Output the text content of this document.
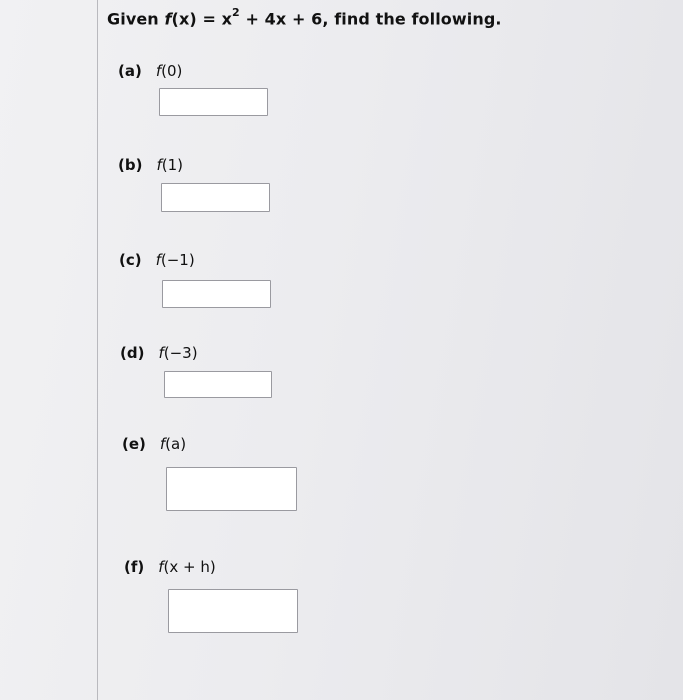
Given $f(x) = x^2 + 4x + 6$, find the following.
(a) f(0)
(b) f(1)
(c) f(−1)
(d) f(−3)
(e) f(a)
(f) f(x + h)
